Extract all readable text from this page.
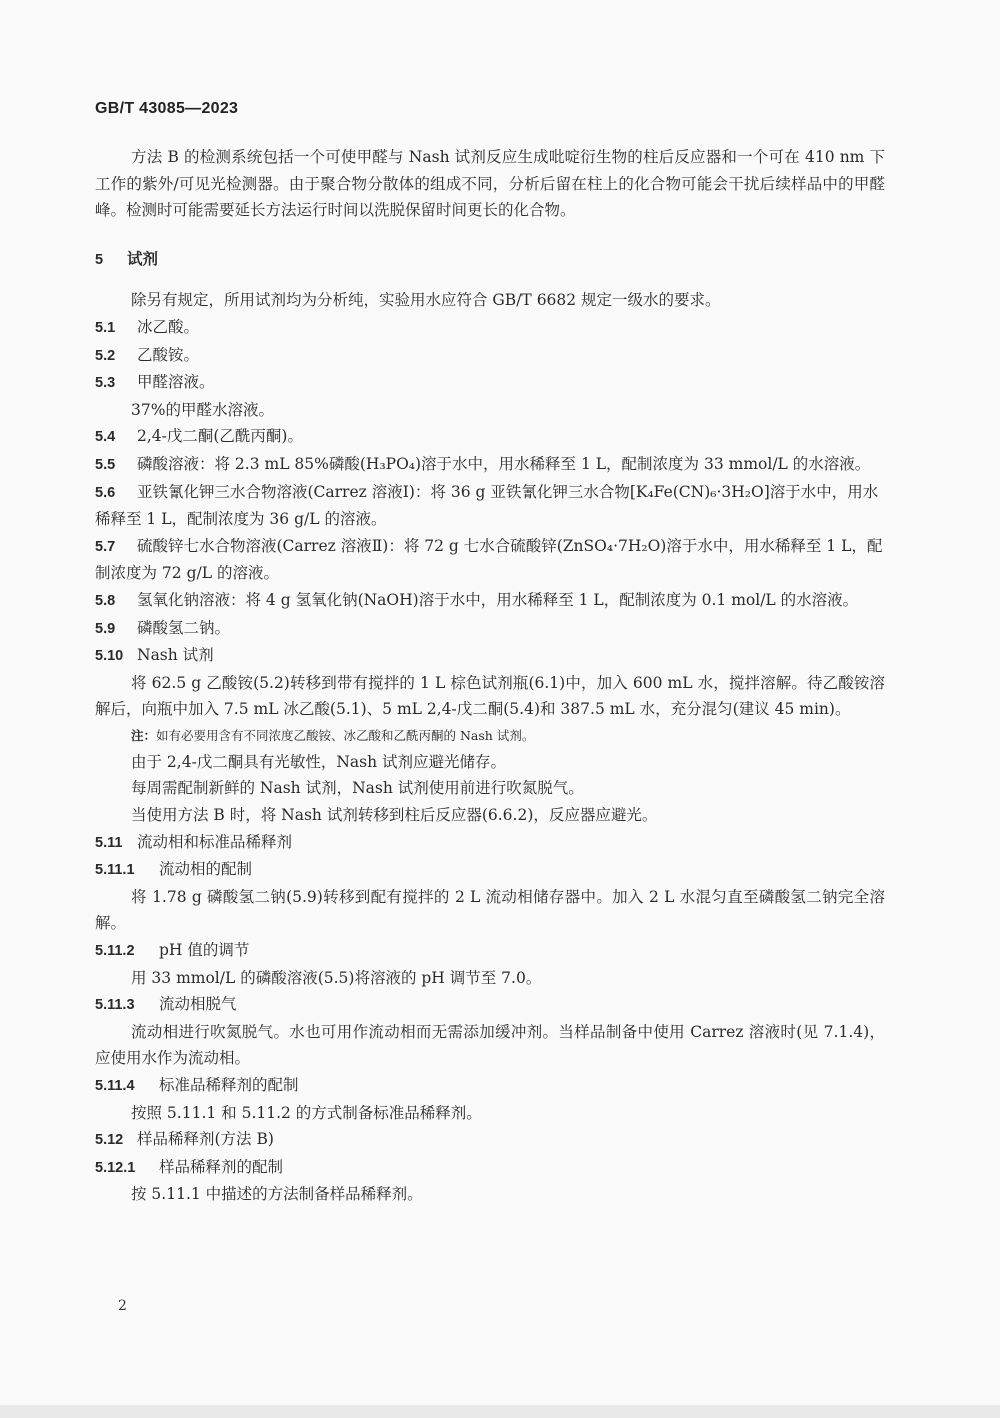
GB/T 43085—2023

方法 B 的检测系统包括一个可使甲醛与 Nash 试剂反应生成吡啶衍生物的柱后反应器和一个可在 410 nm 下工作的紫外/可见光检测器。由于聚合物分散体的组成不同，分析后留在柱上的化合物可能会干扰后续样品中的甲醛峰。检测时可能需要延长方法运行时间以洗脱保留时间更长的化合物。

5 试剂

除另有规定，所用试剂均为分析纯，实验用水应符合 GB/T 6682 规定一级水的要求。

5.1 冰乙酸。
5.2 乙酸铵。
5.3 甲醛溶液。

37%的甲醛水溶液。

5.4 2,4-戊二酮(乙酰丙酮)。
5.5 磷酸溶液：将 2.3 mL 85%磷酸(H₃PO₄)溶于水中，用水稀释至 1 L，配制浓度为 33 mmol/L 的水溶液。
5.6 亚铁氰化钾三水合物溶液(Carrez 溶液Ⅰ)：将 36 g 亚铁氰化钾三水合物[K₄Fe(CN)₆·3H₂O]溶于水中，用水稀释至 1 L，配制浓度为 36 g/L 的溶液。
5.7 硫酸锌七水合物溶液(Carrez 溶液Ⅱ)：将 72 g 七水合硫酸锌(ZnSO₄·7H₂O)溶于水中，用水稀释至 1 L，配制浓度为 72 g/L 的溶液。
5.8 氢氧化钠溶液：将 4 g 氢氧化钠(NaOH)溶于水中，用水稀释至 1 L，配制浓度为 0.1 mol/L 的水溶液。
5.9 磷酸氢二钠。
5.10 Nash 试剂

将 62.5 g 乙酸铵(5.2)转移到带有搅拌的 1 L 棕色试剂瓶(6.1)中，加入 600 mL 水，搅拌溶解。待乙酸铵溶解后，向瓶中加入 7.5 mL 冰乙酸(5.1)、5 mL 2,4-戊二酮(5.4)和 387.5 mL 水，充分混匀(建议 45 min)。

注：如有必要用含有不同浓度乙酸铵、冰乙酸和乙酰丙酮的 Nash 试剂。

由于 2,4-戊二酮具有光敏性，Nash 试剂应避光储存。

每周需配制新鲜的 Nash 试剂，Nash 试剂使用前进行吹氮脱气。

当使用方法 B 时，将 Nash 试剂转移到柱后反应器(6.6.2)，反应器应避光。

5.11 流动相和标准品稀释剂
5.11.1 流动相的配制

将 1.78 g 磷酸氢二钠(5.9)转移到配有搅拌的 2 L 流动相储存器中。加入 2 L 水混匀直至磷酸氢二钠完全溶解。

5.11.2 pH 值的调节

用 33 mmol/L 的磷酸溶液(5.5)将溶液的 pH 调节至 7.0。

5.11.3 流动相脱气

流动相进行吹氮脱气。水也可用作流动相而无需添加缓冲剂。当样品制备中使用 Carrez 溶液时(见 7.1.4)，应使用水作为流动相。

5.11.4 标准品稀释剂的配制

按照 5.11.1 和 5.11.2 的方式制备标准品稀释剂。

5.12 样品稀释剂(方法 B)
5.12.1 样品稀释剂的配制

按 5.11.1 中描述的方法制备样品稀释剂。

2
